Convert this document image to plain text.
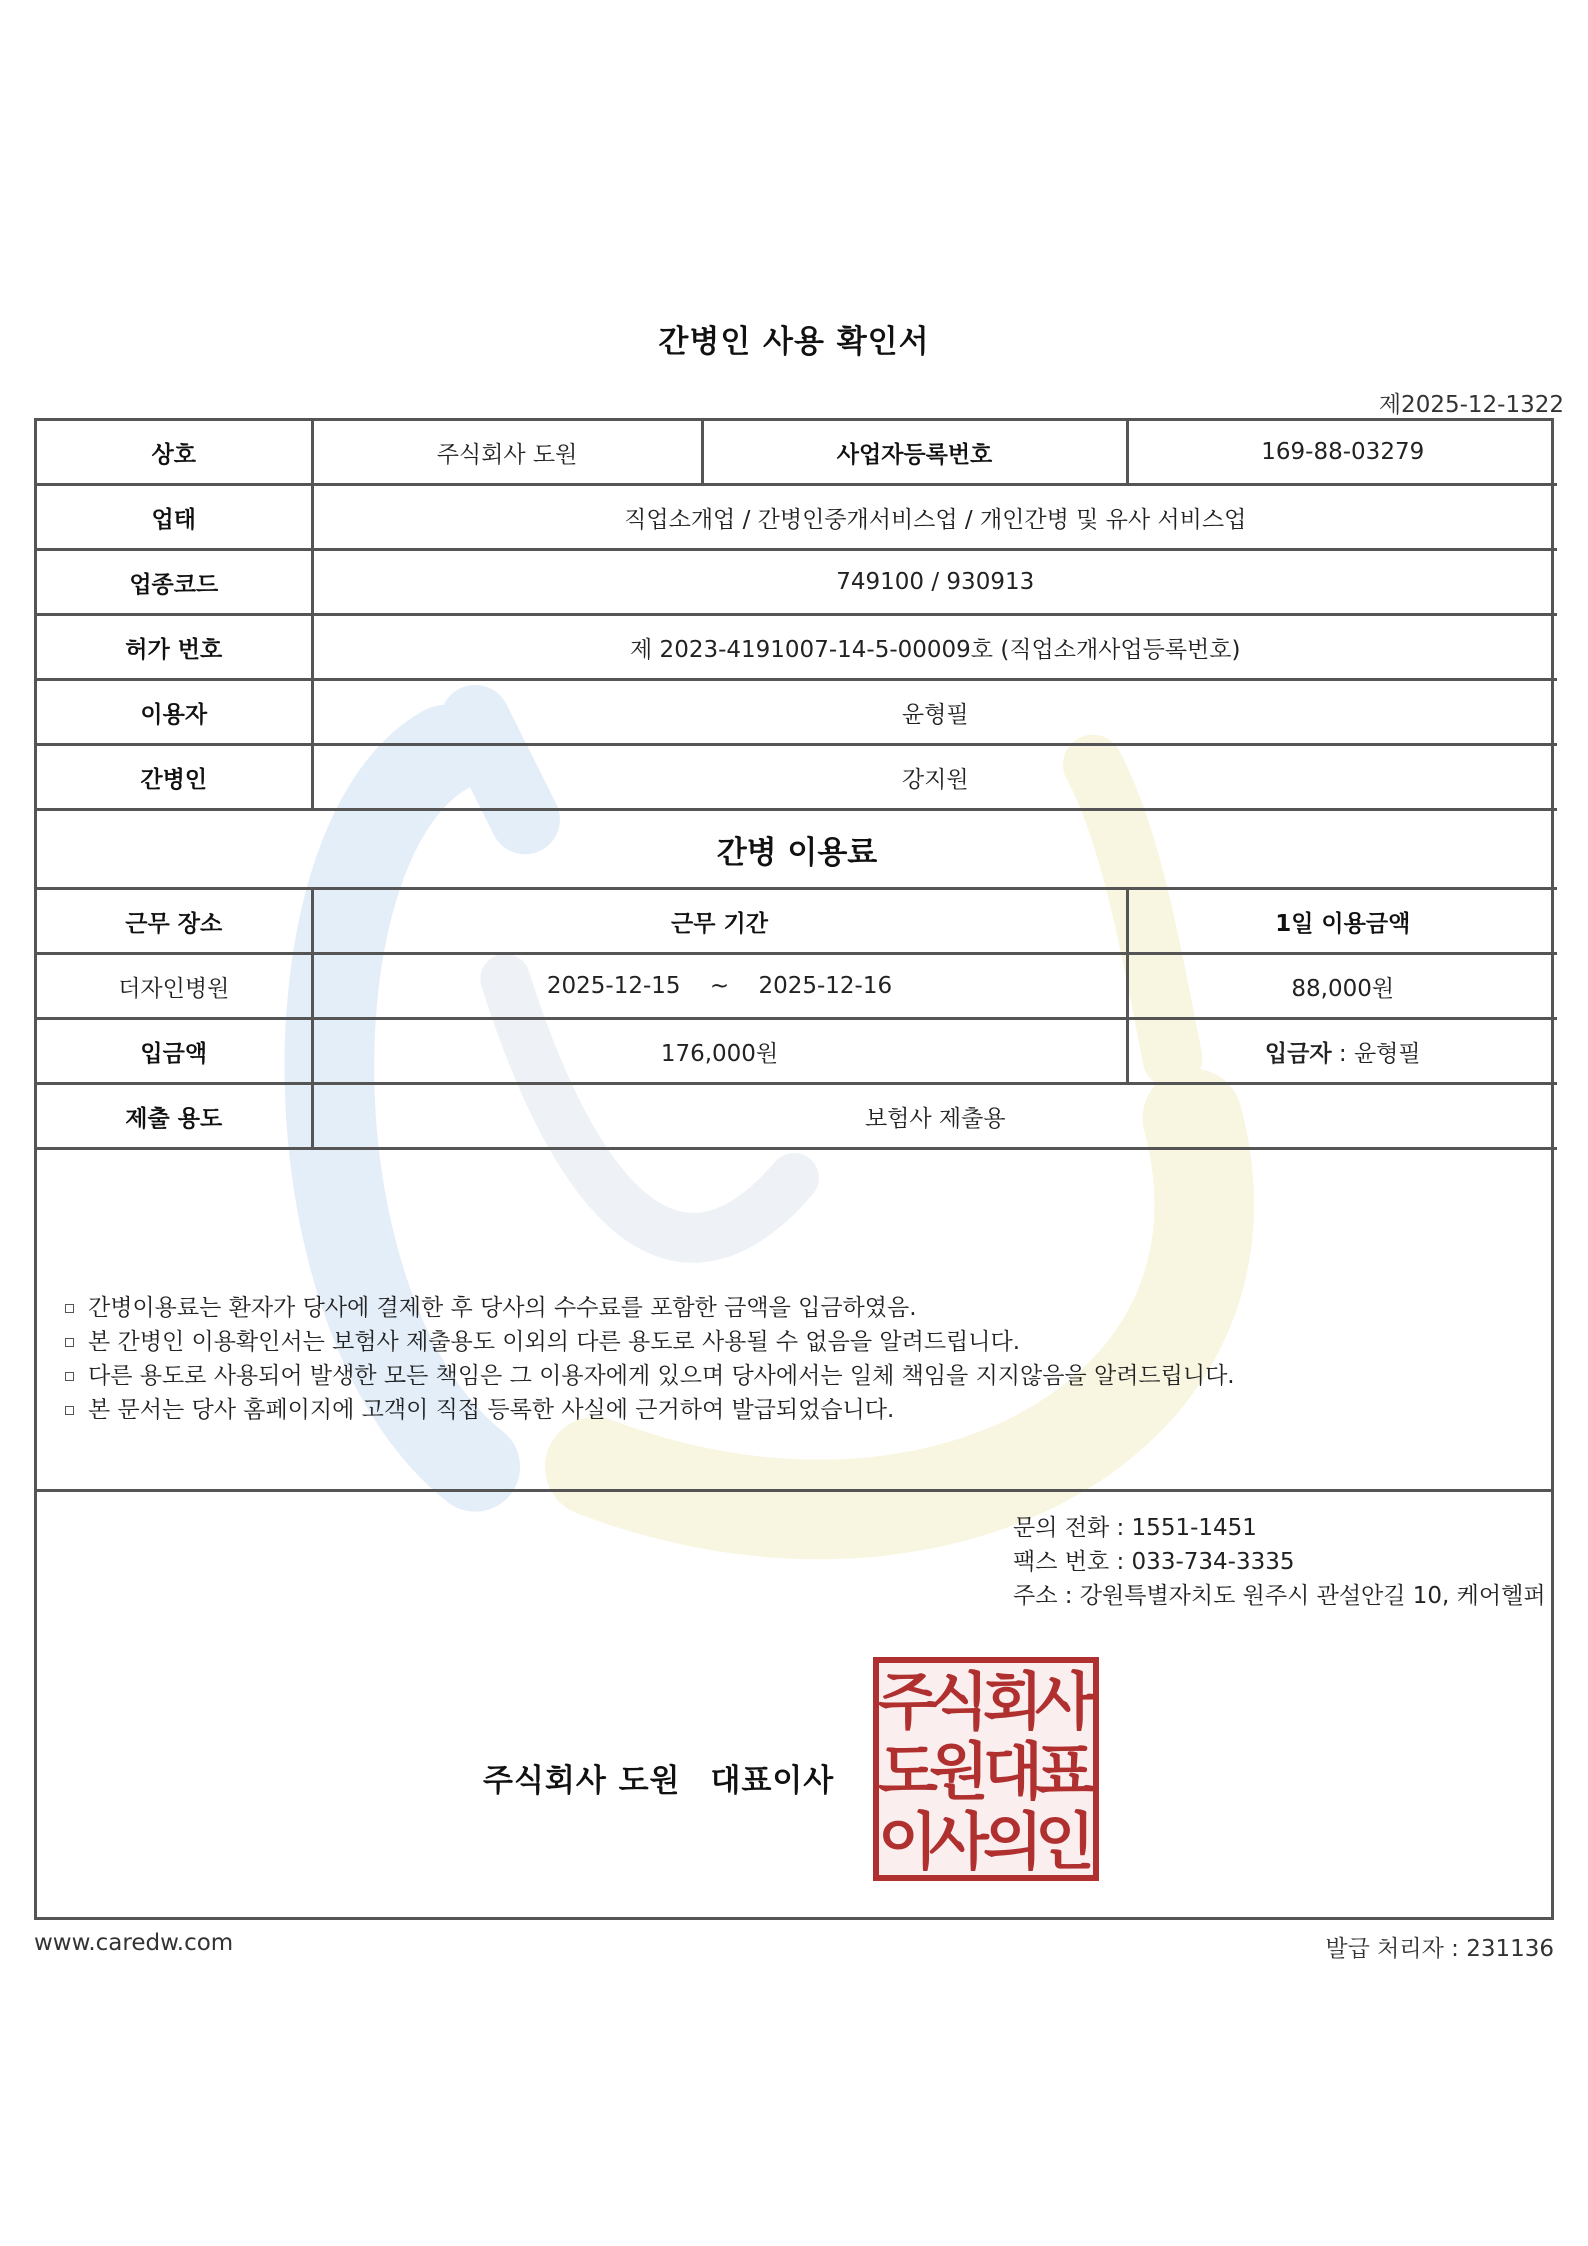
간병인 사용 확인서
제2025-12-1322
상호	주식회사 도원	사업자등록번호	169-88-03279
업태	직업소개업 / 간병인중개서비스업 / 개인간병 및 유사 서비스업		
업종코드	749100 / 930913		
허가 번호	제 2023-4191007-14-5-00009호 (직업소개사업등록번호)		
이용자	윤형필		
간병인	강지원		
간병 이용료			
근무 장소	근무 기간		1일 이용금액
더자인병원	2025-12-15 ~ 2025-12-16		88,000원
입금액	176,000원		입금자 : 윤형필
제출 용도	보험사 제출용		
간병이용료는 환자가 당사에 결제한 후 당사의 수수료를 포함한 금액을 입금하였음.
본 간병인 이용확인서는 보험사 제출용도 이외의 다른 용도로 사용될 수 없음을 알려드립니다.
다른 용도로 사용되어 발생한 모든 책임은 그 이용자에게 있으며 당사에서는 일체 책임을 지지않음을 알려드립니다.
본 문서는 당사 홈페이지에 고객이 직접 등록한 사실에 근거하여 발급되었습니다.
문의 전화 : 1551-1451
팩스 번호 : 033-734-3335
주소 : 강원특별자치도 원주시 관설안길 10, 케어헬퍼
주식회사 도원 대표이사
주
식
회
사
도
원
대
표
이
사
의
인
www.caredw.com	발급 처리자 : 231136
